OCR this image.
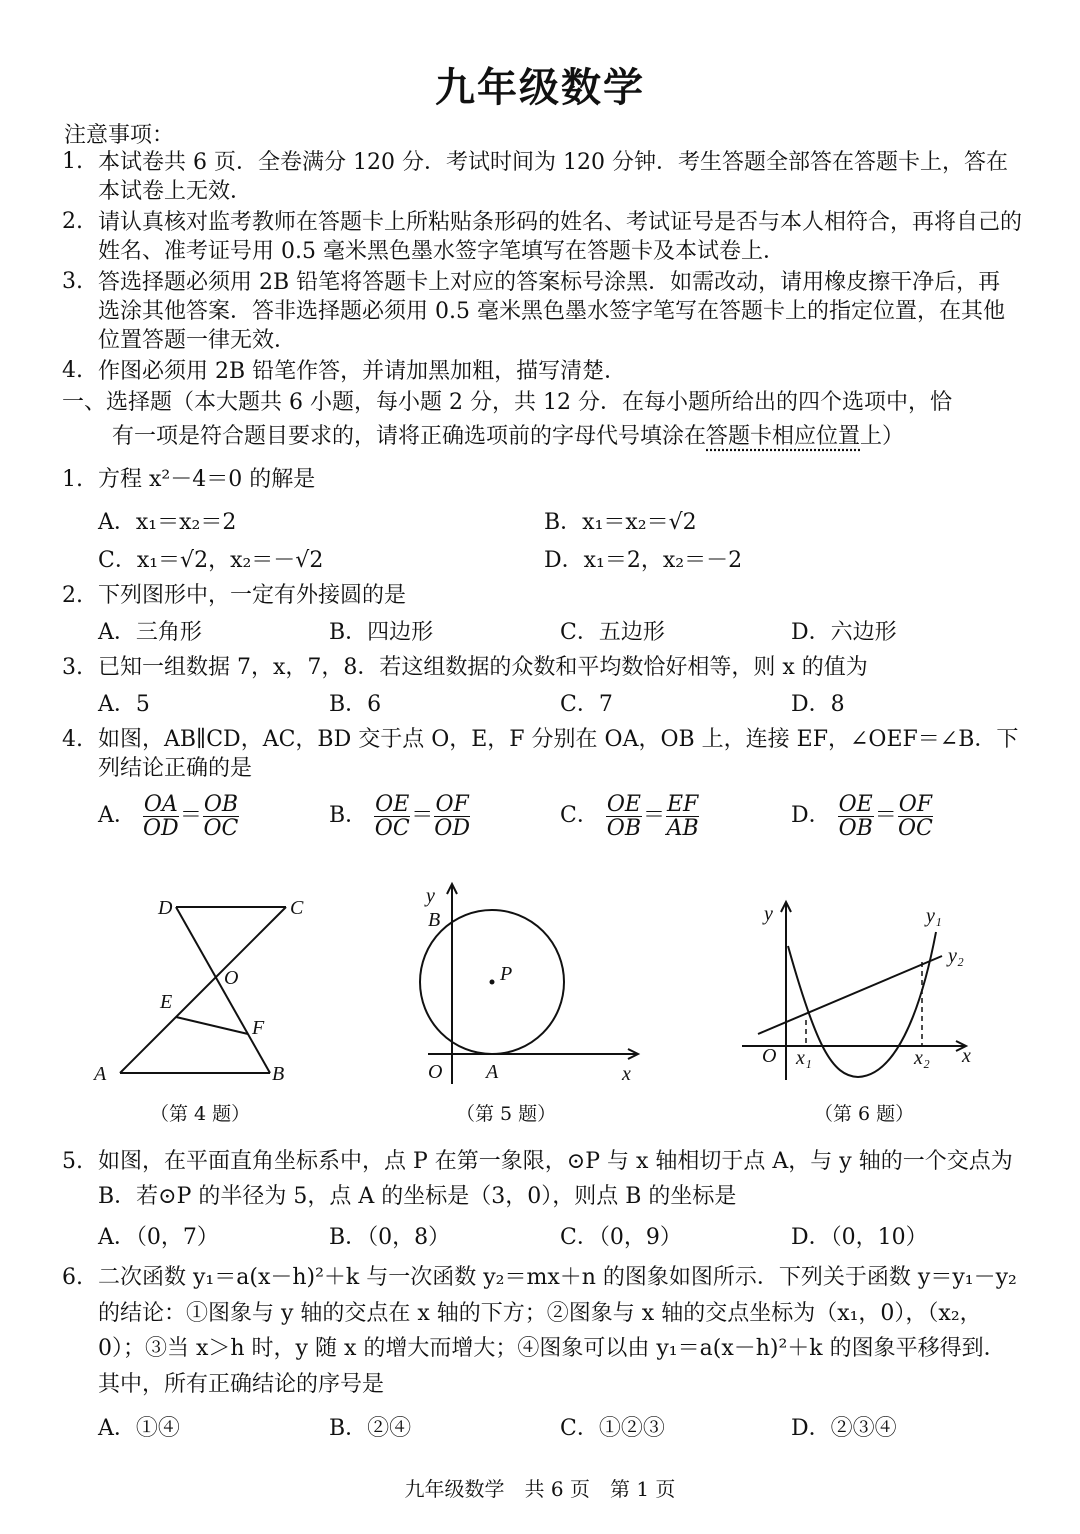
九年级数学
注意事项：
1. 本试卷共 6 页．全卷满分 120 分．考试时间为 120 分钟．考生答题全部答在答题卡上，答在本试卷上无效．
2. 请认真核对监考教师在答题卡上所粘贴条形码的姓名、考试证号是否与本人相符合，再将自己的姓名、准考证号用 0.5 毫米黑色墨水签字笔填写在答题卡及本试卷上．
3. 答选择题必须用 2B 铅笔将答题卡上对应的答案标号涂黑．如需改动，请用橡皮擦干净后，再选涂其他答案．答非选择题必须用 0.5 毫米黑色墨水签字笔写在答题卡上的指定位置，在其他位置答题一律无效．
4. 作图必须用 2B 铅笔作答，并请加黑加粗，描写清楚．
一、选择题（本大题共 6 小题，每小题 2 分，共 12 分．在每小题所给出的四个选项中，恰
有一项是符合题目要求的，请将正确选项前的字母代号填涂在答题卡相应位置上）
1. 方程 x²－4＝0 的解是
A．x₁＝x₂＝2	B．x₁＝x₂＝√2
C．x₁＝√2，x₂＝－√2	D．x₁＝2，x₂＝－2
2. 下列图形中，一定有外接圆的是
A．三角形	B．四边形	C．五边形	D．六边形
3. 已知一组数据 7，x，7，8．若这组数据的众数和平均数恰好相等，则 x 的值为
A．5	B．6	C．7	D．8
4. 如图，AB∥CD，AC，BD 交于点 O，E，F 分别在 OA，OB 上，连接 EF，∠OEF＝∠B．下列结论正确的是
A． $\frac{OA}{OD} = \frac{OB}{OC}$	B． $\frac{OE}{OC} = \frac{OF}{OD}$	C． $\frac{OE}{OB} = \frac{EF}{AB}$	D． $\frac{OE}{OB} = \frac{OF}{OC}$
D	C
O
E
F
A	B
（第 4 题）
y
B
P
O A	x
（第 5 题）
y	y₁
y₂
O x₁	x₂ x
（第 6 题）
5. 如图，在平面直角坐标系中，点 P 在第一象限，⊙P 与 x 轴相切于点 A，与 y 轴的一个交点为 B．若⊙P 的半径为 5，点 A 的坐标是（3，0），则点 B 的坐标是
A．（0，7）	B．（0，8）	C．（0，9）	D．（0，10）
6. 二次函数 y₁＝a(x－h)²＋k 与一次函数 y₂＝mx＋n 的图象如图所示．下列关于函数 y＝y₁－y₂的结论：①图象与 y 轴的交点在 x 轴的下方；②图象与 x 轴的交点坐标为（x₁，0），（x₂，0）；③当 x＞h 时，y 随 x 的增大而增大；④图象可以由 y₁＝a(x－h)²＋k 的图象平移得到．其中，所有正确结论的序号是
A．①④	B．②④	C．①②③	D．②③④
九年级数学　共 6 页　第 1 页
